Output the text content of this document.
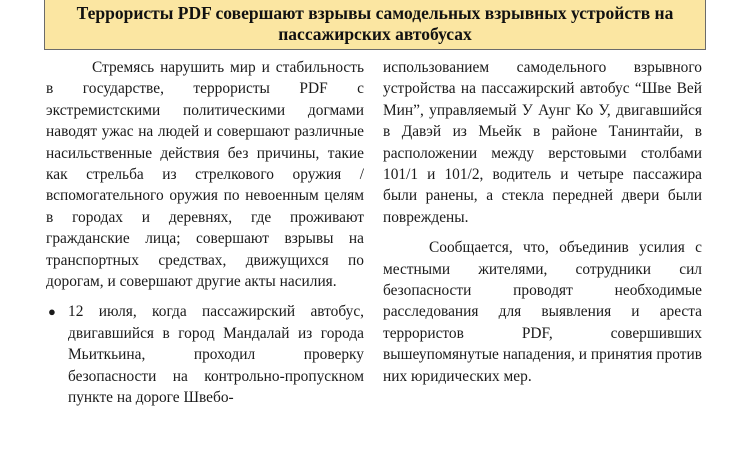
Террористы PDF совершают взрывы самодельных взрывных устройств на
пассажирских автобусах

Стремясь нарушить мир и стабильность в государстве, террористы PDF с экстремистскими политическими догмами наводят ужас на людей и совершают различные насильственные действия без причины, такие как стрельба из стрелкового оружия / вспомогательного оружия по невоенным целям в городах и деревнях, где проживают гражданские лица; совершают взрывы на транспортных средствах, движущихся по дорогам, и совершают другие акты насилия.

● 12 июля, когда пассажирский автобус, двигавшийся в город Мандалай из города Мьиткьина, проходил проверку безопасности на контрольно-пропускном пункте на дороге Швебо-

использованием самодельного взрывного устройства на пассажирский автобус “Шве Вей Мин”, управляемый У Аунг Ко У, двигавшийся в Давэй из Мьейк в районе Танинтайи, в расположении между верстовыми столбами 101/1 и 101/2, водитель и четыре пассажира были ранены, а стекла передней двери были повреждены.

Сообщается, что, объединив усилия с местными жителями, сотрудники сил безопасности проводят необходимые расследования для выявления и ареста террористов PDF, совершивших вышеупомянутые нападения, и принятия против них юридических мер.
